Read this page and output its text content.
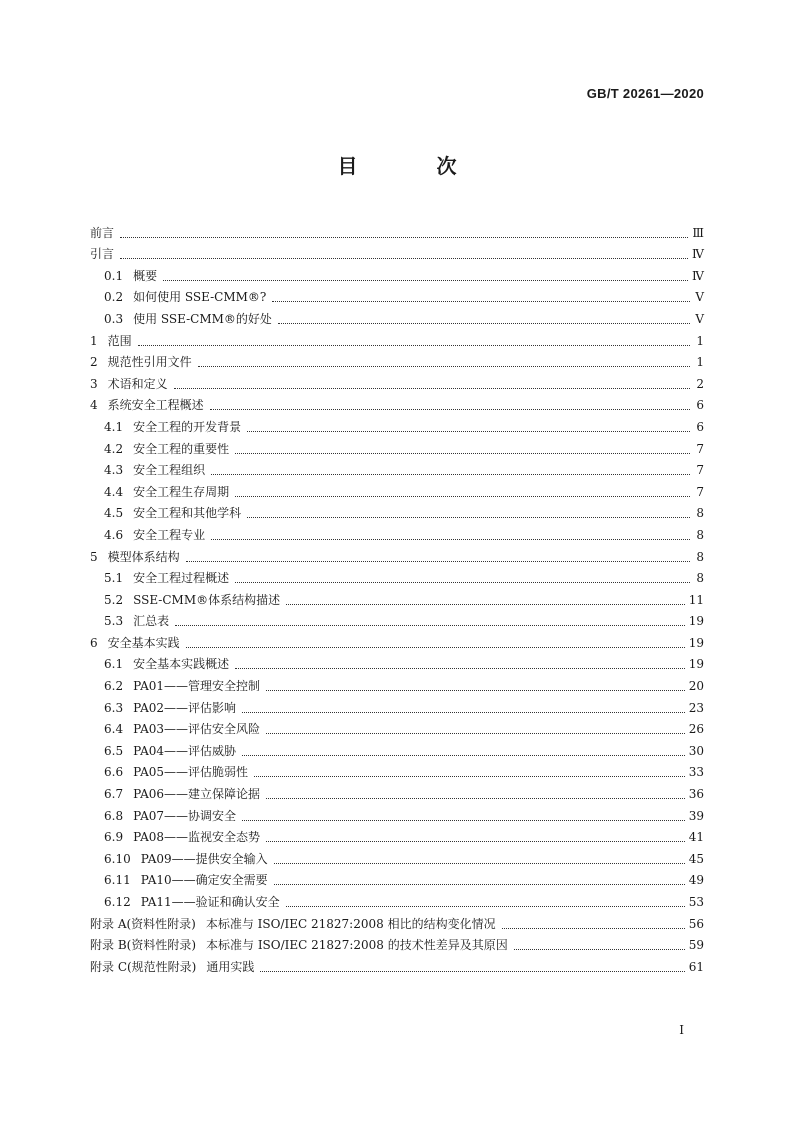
GB/T 20261—2020
目 次
前言	Ⅲ
引言	Ⅳ
0.1 概要	Ⅳ
0.2 如何使用 SSE-CMM®?	Ⅴ
0.3 使用 SSE-CMM®的好处	Ⅴ
1 范围	1
2 规范性引用文件	1
3 术语和定义	2
4 系统安全工程概述	6
4.1 安全工程的开发背景	6
4.2 安全工程的重要性	7
4.3 安全工程组织	7
4.4 安全工程生存周期	7
4.5 安全工程和其他学科	8
4.6 安全工程专业	8
5 模型体系结构	8
5.1 安全工程过程概述	8
5.2 SSE-CMM®体系结构描述	11
5.3 汇总表	19
6 安全基本实践	19
6.1 安全基本实践概述	19
6.2 PA01——管理安全控制	20
6.3 PA02——评估影响	23
6.4 PA03——评估安全风险	26
6.5 PA04——评估威胁	30
6.6 PA05——评估脆弱性	33
6.7 PA06——建立保障论据	36
6.8 PA07——协调安全	39
6.9 PA08——监视安全态势	41
6.10 PA09——提供安全输入	45
6.11 PA10——确定安全需要	49
6.12 PA11——验证和确认安全	53
附录 A(资料性附录) 本标准与 ISO/IEC 21827:2008 相比的结构变化情况	56
附录 B(资料性附录) 本标准与 ISO/IEC 21827:2008 的技术性差异及其原因	59
附录 C(规范性附录) 通用实践	61
I
